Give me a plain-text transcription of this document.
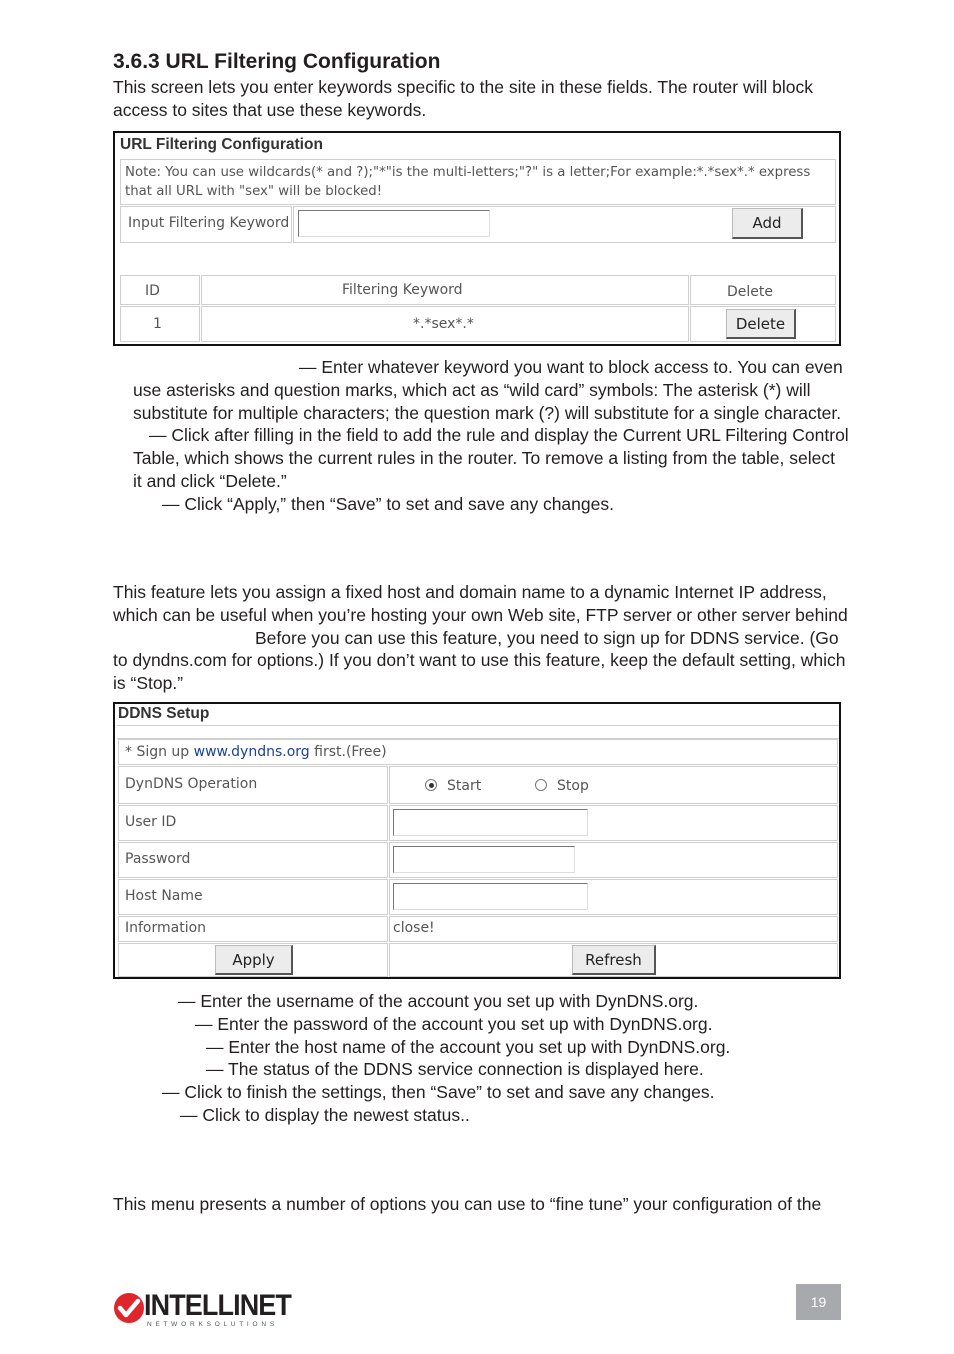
3.6.3 URL Filtering Configuration
This screen lets you enter keywords specific to the site in these fields. The router will block
access to sites that use these keywords.
URL Filtering Configuration
Note: You can use wildcards(* and ?);"*"is the multi-letters;"?" is a letter;For example:*.*sex*.* express
that all URL with "sex" will be blocked!
Input Filtering Keyword	Add
ID	Filtering Keyword	Delete
1	*.*sex*.*	Delete
— Enter whatever keyword you want to block access to. You can even
use asterisks and question marks, which act as “wild card” symbols: The asterisk (*) will
substitute for multiple characters; the question mark (?) will substitute for a single character.
— Click after filling in the field to add the rule and display the Current URL Filtering Control
Table, which shows the current rules in the router. To remove a listing from the table, select
it and click “Delete.”
— Click “Apply,” then “Save” to set and save any changes.
This feature lets you assign a fixed host and domain name to a dynamic Internet IP address,
which can be useful when you’re hosting your own Web site, FTP server or other server behind
Before you can use this feature, you need to sign up for DDNS service. (Go
to dyndns.com for options.) If you don’t want to use this feature, keep the default setting, which
is “Stop.”
DDNS Setup
* Sign up www.dyndns.org first.(Free)
DynDNS Operation	Start	Stop
User ID
Password
Host Name
Information	close!
Apply	Refresh
— Enter the username of the account you set up with DynDNS.org.
— Enter the password of the account you set up with DynDNS.org.
— Enter the host name of the account you set up with DynDNS.org.
— The status of the DDNS service connection is displayed here.
— Click to finish the settings, then “Save” to set and save any changes.
— Click to display the newest status..
This menu presents a number of options you can use to “fine tune” your configuration of the
INTELLINET
N E T W O R K S O L U T I O N S
19
